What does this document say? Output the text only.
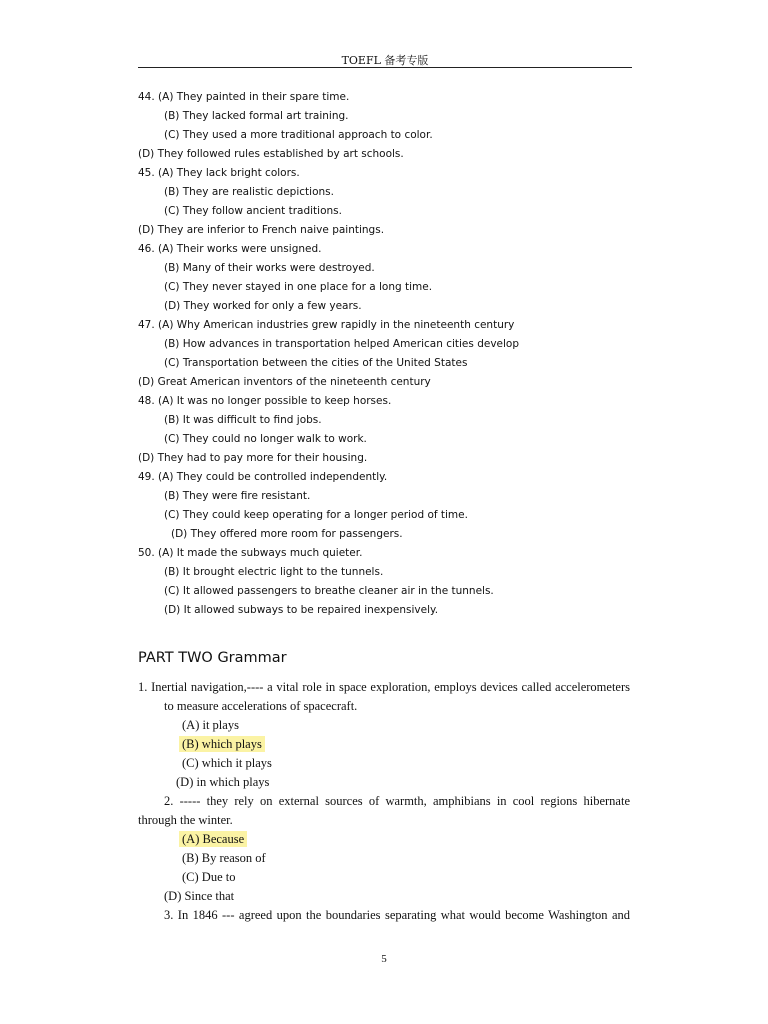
TOEFL 备考专版
44. (A) They painted in their spare time.
(B) They lacked formal art training.
(C) They used a more traditional approach to color.
(D) They followed rules established by art schools.
45. (A) They lack bright colors.
(B) They are realistic depictions.
(C) They follow ancient traditions.
(D) They are inferior to French naive paintings.
46. (A) Their works were unsigned.
(B) Many of their works were destroyed.
(C) They never stayed in one place for a long time.
(D) They worked for only a few years.
47. (A) Why American industries grew rapidly in the nineteenth century
(B) How advances in transportation helped American cities develop
(C) Transportation between the cities of the United States
(D) Great American inventors of the nineteenth century
48. (A) It was no longer possible to keep horses.
(B) It was difficult to find jobs.
(C) They could no longer walk to work.
(D) They had to pay more for their housing.
49. (A) They could be controlled independently.
(B) They were fire resistant.
(C) They could keep operating for a longer period of time.
(D) They offered more room for passengers.
50. (A) It made the subways much quieter.
(B) It brought electric light to the tunnels.
(C) It allowed passengers to breathe cleaner air in the tunnels.
(D) It allowed subways to be repaired inexpensively.
PART TWO Grammar
1. Inertial navigation,---- a vital role in space exploration, employs devices called accelerometers
to measure accelerations of spacecraft.
(A) it plays
(B) which plays
(C) which it plays
(D) in which plays
2. ----- they rely on external sources of warmth, amphibians in cool regions hibernate
through the winter.
(A) Because
(B) By reason of
(C) Due to
(D) Since that
3. In 1846 --- agreed upon the boundaries separating what would become Washington and
5
